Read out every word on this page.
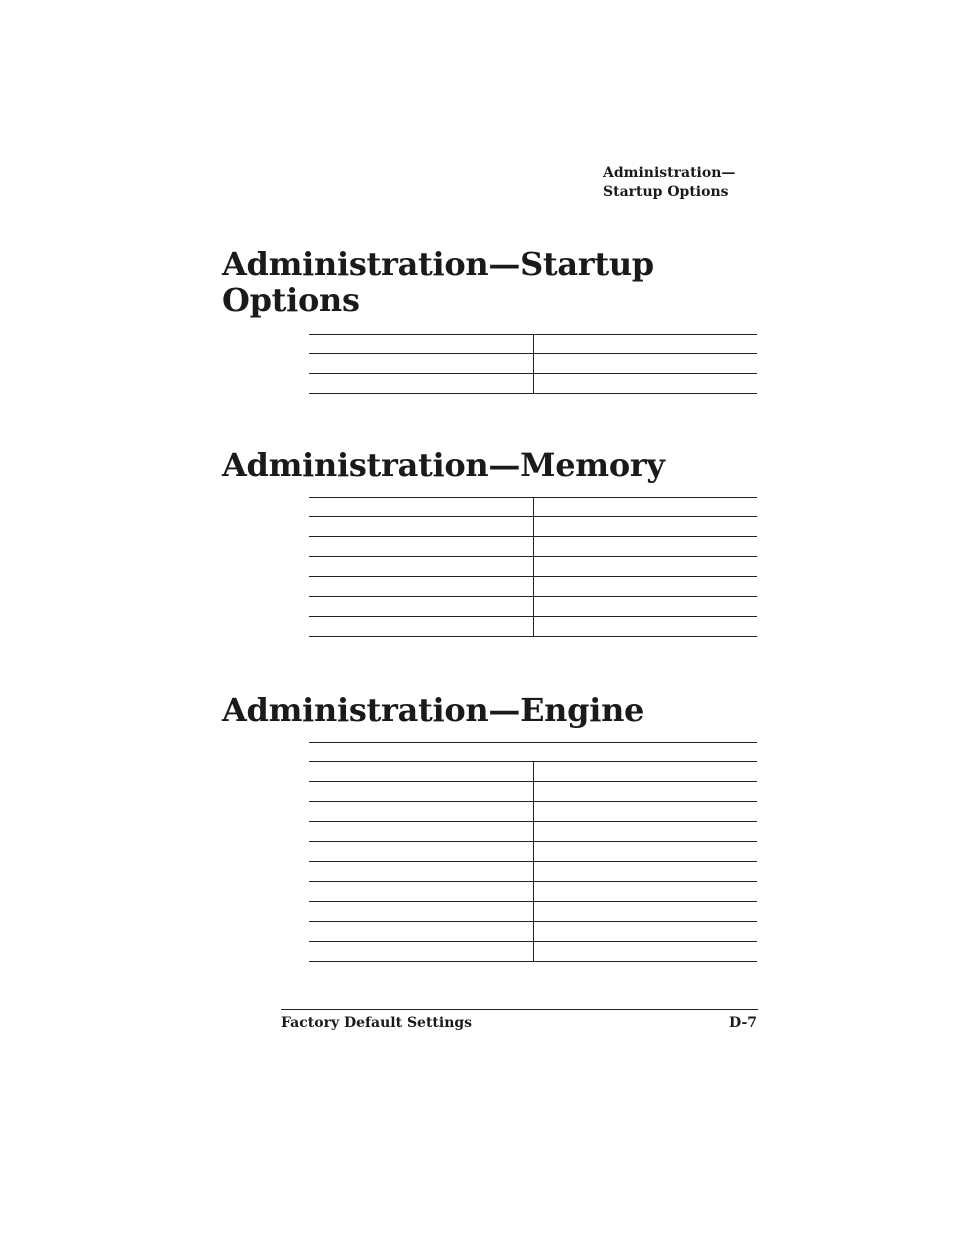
Administration—
Startup Options
Administration—Startup
Options
Administration—Memory
Administration—Engine
Factory Default Settings	D-7
